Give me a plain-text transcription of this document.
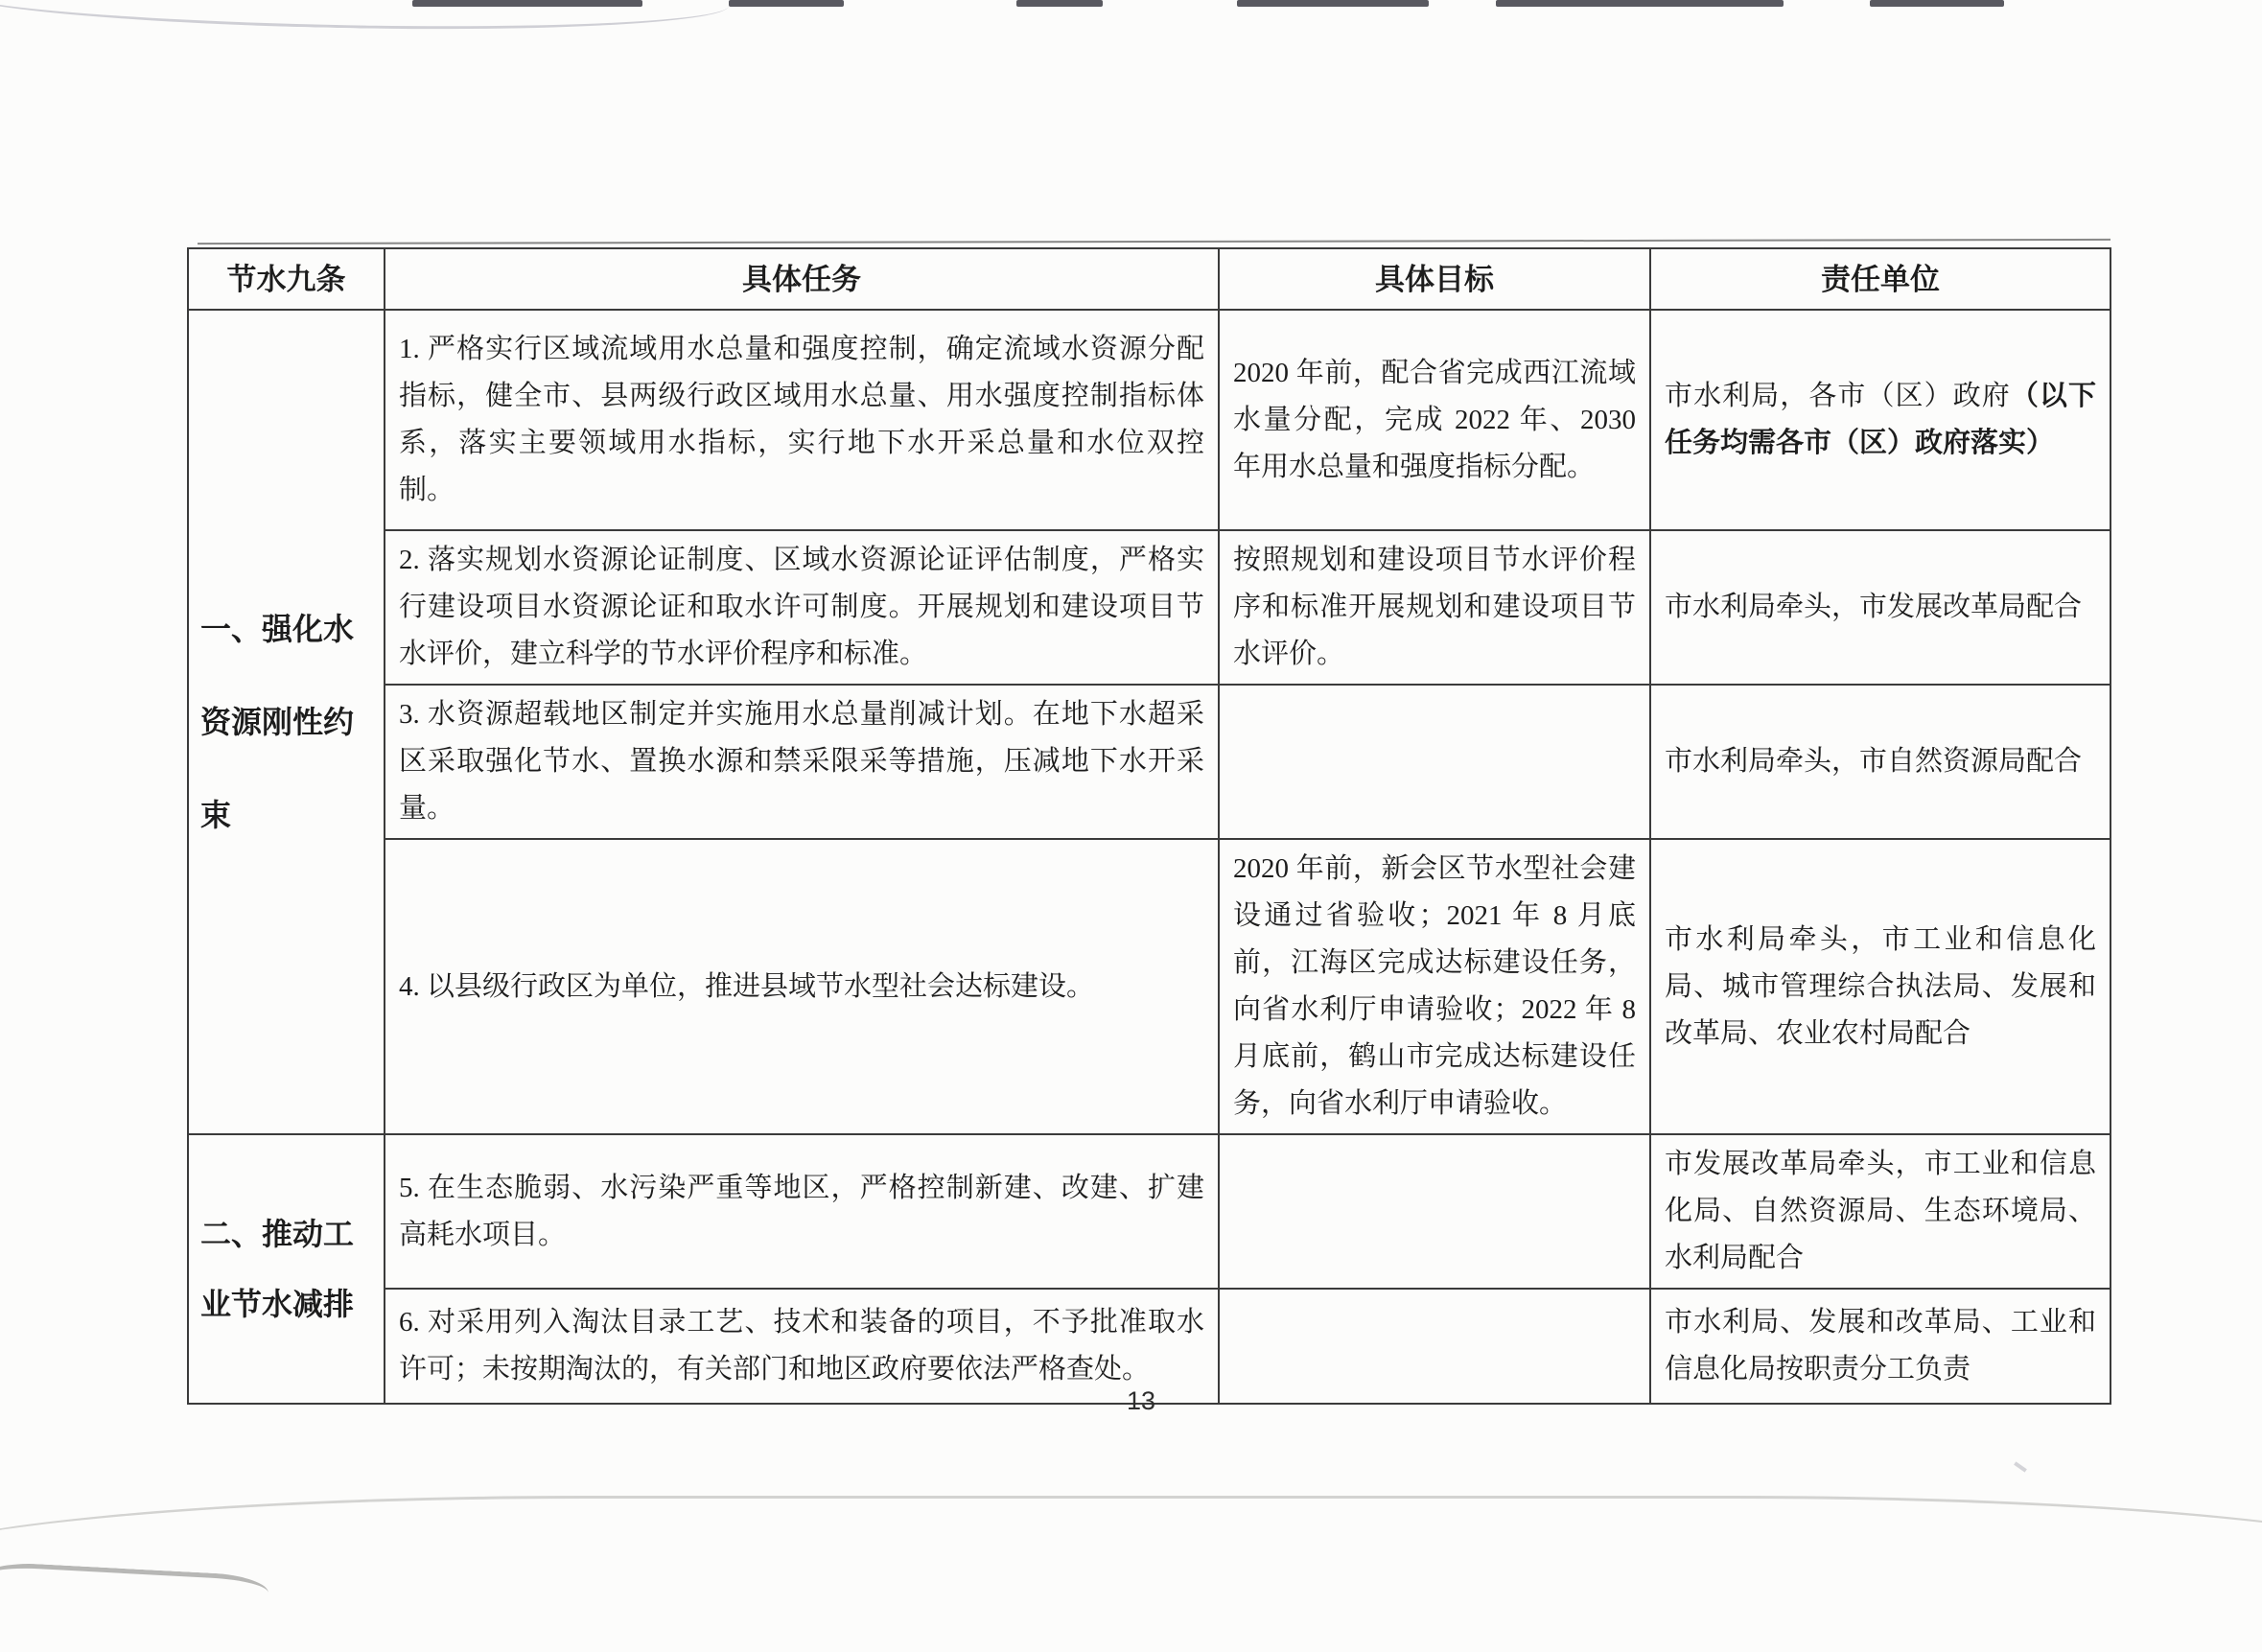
节水九条	具体任务	具体目标	责任单位
一、强化水资源刚性约束	1. 严格实行区域流域用水总量和强度控制，确定流域水资源分配指标，健全市、县两级行政区域用水总量、用水强度控制指标体系，落实主要领域用水指标，实行地下水开采总量和水位双控制。	2020 年前，配合省完成西江流域水量分配，完成 2022 年、2030 年用水总量和强度指标分配。	市水利局，各市（区）政府（以下任务均需各市（区）政府落实）
	2. 落实规划水资源论证制度、区域水资源论证评估制度，严格实行建设项目水资源论证和取水许可制度。开展规划和建设项目节水评价，建立科学的节水评价程序和标准。	按照规划和建设项目节水评价程序和标准开展规划和建设项目节水评价。	市水利局牵头，市发展改革局配合
	3. 水资源超载地区制定并实施用水总量削减计划。在地下水超采区采取强化节水、置换水源和禁采限采等措施，压减地下水开采量。		市水利局牵头，市自然资源局配合
	4. 以县级行政区为单位，推进县域节水型社会达标建设。	2020 年前，新会区节水型社会建设通过省验收；2021 年 8 月底前，江海区完成达标建设任务，向省水利厅申请验收；2022 年 8 月底前，鹤山市完成达标建设任务，向省水利厅申请验收。	市水利局牵头，市工业和信息化局、城市管理综合执法局、发展和改革局、农业农村局配合
二、推动工业节水减排	5. 在生态脆弱、水污染严重等地区，严格控制新建、改建、扩建高耗水项目。		市发展改革局牵头，市工业和信息化局、自然资源局、生态环境局、水利局配合
	6. 对采用列入淘汰目录工艺、技术和装备的项目，不予批准取水许可；未按期淘汰的，有关部门和地区政府要依法严格查处。		市水利局、发展和改革局、工业和信息化局按职责分工负责
13
